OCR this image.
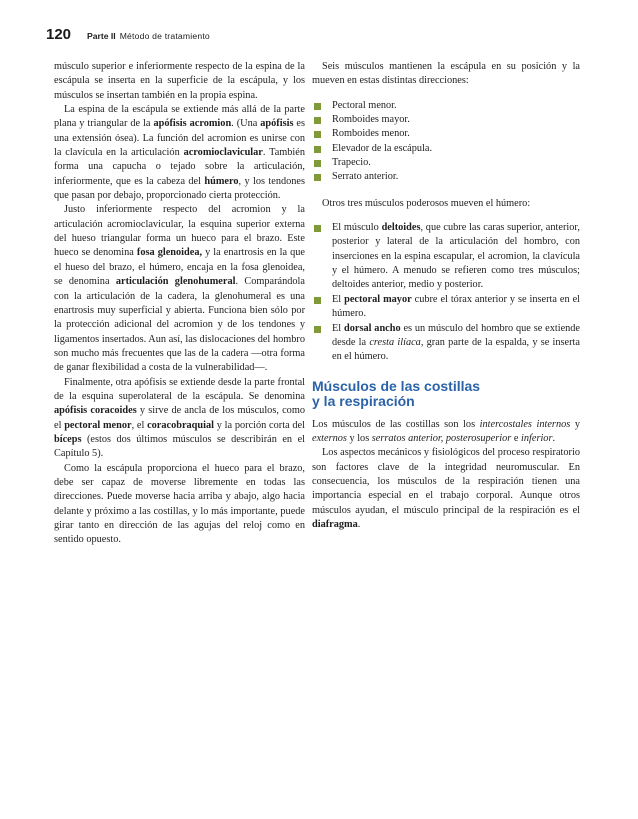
120 Parte II Método de tratamiento

músculo superior e inferiormente respecto de la espina de la escápula se inserta en la superficie de la escápula, y los músculos se insertan también en la propia espina.

La espina de la escápula se extiende más allá de la parte plana y triangular de la apófisis acromion. (Una apófisis es una extensión ósea). La función del acromion es unirse con la clavícula en la articulación acromioclavicular. También forma una capucha o tejado sobre la articulación, inferiormente, que es la cabeza del húmero, y los tendones que pasan por debajo, proporcionado cierta protección.

Justo inferiormente respecto del acromion y la articulación acromioclavicular, la esquina superior externa del hueso triangular forma un hueco para el brazo. Este hueco se denomina fosa glenoidea, y la enartrosis en la que el hueso del brazo, el húmero, encaja en la fosa glenoidea, se denomina articulación glenohumeral. Comparándola con la articulación de la cadera, la glenohumeral es una enartrosis muy superficial y abierta. Funciona bien sólo por la protección adicional del acromion y de los tendones y ligamentos insertados. Aun así, las dislocaciones del hombro son mucho más frecuentes que las de la cadera —otra forma de ganar flexibilidad a costa de la vulnerabilidad—.

Finalmente, otra apófisis se extiende desde la parte frontal de la esquina superolateral de la escápula. Se denomina apófisis coracoides y sirve de ancla de los músculos, como el pectoral menor, el coracobraquial y la porción corta del bíceps (estos dos últimos músculos se describirán en el Capítulo 5).

Como la escápula proporciona el hueco para el brazo, debe ser capaz de moverse libremente en todas las direcciones. Puede moverse hacia arriba y abajo, algo hacia delante y próximo a las costillas, y lo más importante, puede girar tanto en dirección de las agujas del reloj como en sentido opuesto.

Seis músculos mantienen la escápula en su posición y la mueven en estas distintas direcciones:

Pectoral menor.
Romboides mayor.
Romboides menor.
Elevador de la escápula.
Trapecio.
Serrato anterior.

Otros tres músculos poderosos mueven el húmero:

El músculo deltoides, que cubre las caras superior, anterior, posterior y lateral de la articulación del hombro, con inserciones en la espina escapular, el acromion, la clavícula y el húmero. A menudo se refieren como tres músculos; deltoides anterior, medio y posterior.
El pectoral mayor cubre el tórax anterior y se inserta en el húmero.
El dorsal ancho es un músculo del hombro que se extiende desde la cresta ilíaca, gran parte de la espalda, y se inserta en el húmero.
Músculos de las costillas
y la respiración

Los músculos de las costillas son los intercostales internos y externos y los serratos anterior, posterosuperior e inferior.

Los aspectos mecánicos y fisiológicos del proceso respiratorio son factores clave de la integridad neuromuscular. En consecuencia, los músculos de la respiración tienen una importancia especial en el trabajo corporal. Aunque otros músculos ayudan, el músculo principal de la respiración es el diafragma.
